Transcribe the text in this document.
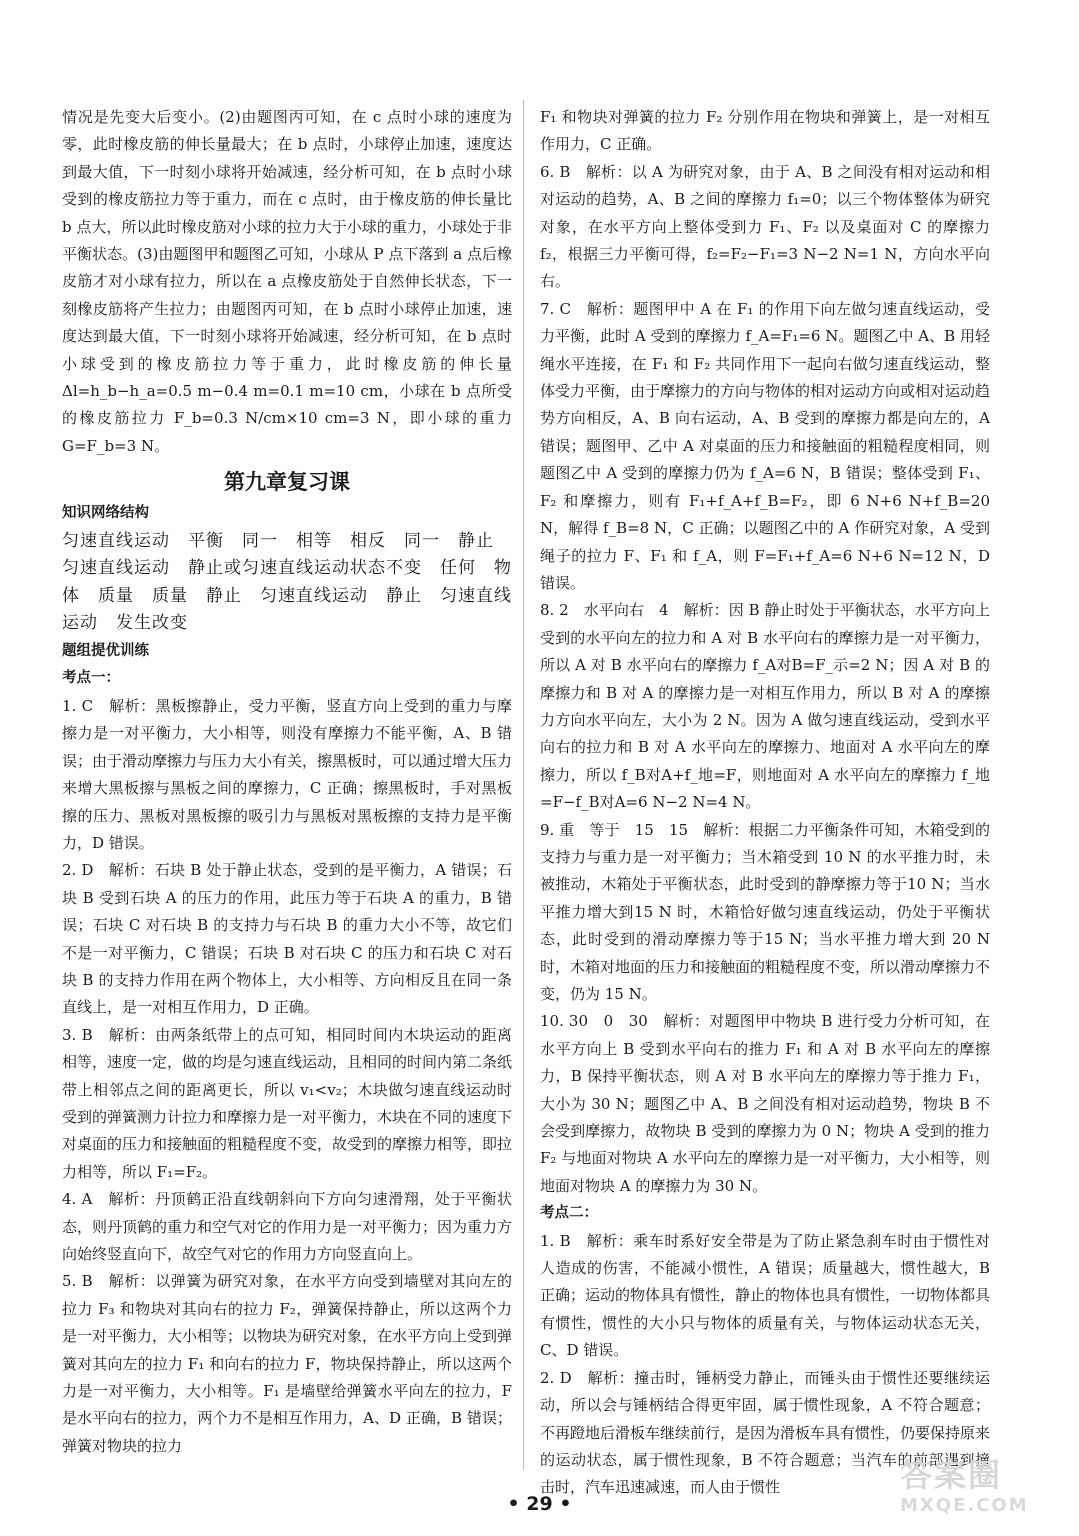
情况是先变大后变小。(2)由题图丙可知，在 c 点时小球的速度为零，此时橡皮筋的伸长量最大；在 b 点时，小球停止加速，速度达到最大值，下一时刻小球将开始减速，经分析可知，在 b 点时小球受到的橡皮筋拉力等于重力，而在 c 点时，由于橡皮筋的伸长量比 b 点大，所以此时橡皮筋对小球的拉力大于小球的重力，小球处于非平衡状态。(3)由题图甲和题图乙可知，小球从 P 点下落到 a 点后橡皮筋才对小球有拉力，所以在 a 点橡皮筋处于自然伸长状态，下一刻橡皮筋将产生拉力；由题图丙可知，在 b 点时小球停止加速，速度达到最大值，下一时刻小球将开始减速，经分析可知，在 b 点时小球受到的橡皮筋拉力等于重力，此时橡皮筋的伸长量 Δl=h_b−h_a=0.5 m−0.4 m=0.1 m=10 cm，小球在 b 点所受的橡皮筋拉力 F_b=0.3 N/cm×10 cm=3 N，即小球的重力 G=F_b=3 N。

第九章复习课

知识网络结构

匀速直线运动　平衡　同一　相等　相反　同一　静止　匀速直线运动　静止或匀速直线运动状态不变　任何　物体　质量　质量　静止　匀速直线运动　静止　匀速直线运动　发生改变

题组提优训练

考点一：

1. C　解析：黑板擦静止，受力平衡，竖直方向上受到的重力与摩擦力是一对平衡力，大小相等，则没有摩擦力不能平衡，A、B 错误；由于滑动摩擦力与压力大小有关，擦黑板时，可以通过增大压力来增大黑板擦与黑板之间的摩擦力，C 正确；擦黑板时，手对黑板擦的压力、黑板对黑板擦的吸引力与黑板对黑板擦的支持力是平衡力，D 错误。

2. D　解析：石块 B 处于静止状态，受到的是平衡力，A 错误；石块 B 受到石块 A 的压力的作用，此压力等于石块 A 的重力，B 错误；石块 C 对石块 B 的支持力与石块 B 的重力大小不等，故它们不是一对平衡力，C 错误；石块 B 对石块 C 的压力和石块 C 对石块 B 的支持力作用在两个物体上，大小相等、方向相反且在同一条直线上，是一对相互作用力，D 正确。

3. B　解析：由两条纸带上的点可知，相同时间内木块运动的距离相等，速度一定，做的均是匀速直线运动，且相同的时间内第二条纸带上相邻点之间的距离更长，所以 v₁<v₂；木块做匀速直线运动时受到的弹簧测力计拉力和摩擦力是一对平衡力，木块在不同的速度下对桌面的压力和接触面的粗糙程度不变，故受到的摩擦力相等，即拉力相等，所以 F₁=F₂。

4. A　解析：丹顶鹤正沿直线朝斜向下方向匀速滑翔，处于平衡状态，则丹顶鹤的重力和空气对它的作用力是一对平衡力；因为重力方向始终竖直向下，故空气对它的作用力方向竖直向上。

5. B　解析：以弹簧为研究对象，在水平方向受到墙壁对其向左的拉力 F₃ 和物块对其向右的拉力 F₂，弹簧保持静止，所以这两个力是一对平衡力，大小相等；以物块为研究对象，在水平方向上受到弹簧对其向左的拉力 F₁ 和向右的拉力 F，物块保持静止，所以这两个力是一对平衡力，大小相等。F₁ 是墙壁给弹簧水平向左的拉力，F 是水平向右的拉力，两个力不是相互作用力，A、D 正确，B 错误；弹簧对物块的拉力

F₁ 和物块对弹簧的拉力 F₂ 分别作用在物块和弹簧上，是一对相互作用力，C 正确。

6. B　解析：以 A 为研究对象，由于 A、B 之间没有相对运动和相对运动的趋势，A、B 之间的摩擦力 f₁=0；以三个物体整体为研究对象，在水平方向上整体受到力 F₁、F₂ 以及桌面对 C 的摩擦力 f₂，根据三力平衡可得，f₂=F₂−F₁=3 N−2 N=1 N，方向水平向右。

7. C　解析：题图甲中 A 在 F₁ 的作用下向左做匀速直线运动，受力平衡，此时 A 受到的摩擦力 f_A=F₁=6 N。题图乙中 A、B 用轻绳水平连接，在 F₁ 和 F₂ 共同作用下一起向右做匀速直线运动，整体受力平衡，由于摩擦力的方向与物体的相对运动方向或相对运动趋势方向相反，A、B 向右运动，A、B 受到的摩擦力都是向左的，A 错误；题图甲、乙中 A 对桌面的压力和接触面的粗糙程度相同，则题图乙中 A 受到的摩擦力仍为 f_A=6 N，B 错误；整体受到 F₁、F₂ 和摩擦力，则有 F₁+f_A+f_B=F₂，即 6 N+6 N+f_B=20 N，解得 f_B=8 N，C 正确；以题图乙中的 A 作研究对象，A 受到绳子的拉力 F、F₁ 和 f_A，则 F=F₁+f_A=6 N+6 N=12 N，D 错误。

8. 2　水平向右　4　解析：因 B 静止时处于平衡状态，水平方向上受到的水平向左的拉力和 A 对 B 水平向右的摩擦力是一对平衡力，所以 A 对 B 水平向右的摩擦力 f_A对B=F_示=2 N；因 A 对 B 的摩擦力和 B 对 A 的摩擦力是一对相互作用力，所以 B 对 A 的摩擦力方向水平向左，大小为 2 N。因为 A 做匀速直线运动，受到水平向右的拉力和 B 对 A 水平向左的摩擦力、地面对 A 水平向左的摩擦力，所以 f_B对A+f_地=F，则地面对 A 水平向左的摩擦力 f_地=F−f_B对A=6 N−2 N=4 N。

9. 重　等于　15　15　解析：根据二力平衡条件可知，木箱受到的支持力与重力是一对平衡力；当木箱受到 10 N 的水平推力时，未被推动，木箱处于平衡状态，此时受到的静摩擦力等于10 N；当水平推力增大到15 N 时，木箱恰好做匀速直线运动，仍处于平衡状态，此时受到的滑动摩擦力等于15 N；当水平推力增大到 20 N 时，木箱对地面的压力和接触面的粗糙程度不变，所以滑动摩擦力不变，仍为 15 N。

10. 30　0　30　解析：对题图甲中物块 B 进行受力分析可知，在水平方向上 B 受到水平向右的推力 F₁ 和 A 对 B 水平向左的摩擦力，B 保持平衡状态，则 A 对 B 水平向左的摩擦力等于推力 F₁，大小为 30 N；题图乙中 A、B 之间没有相对运动趋势，物块 B 不会受到摩擦力，故物块 B 受到的摩擦力为 0 N；物块 A 受到的推力 F₂ 与地面对物块 A 水平向左的摩擦力是一对平衡力，大小相等，则地面对物块 A 的摩擦力为 30 N。

考点二：

1. B　解析：乘车时系好安全带是为了防止紧急刹车时由于惯性对人造成的伤害，不能减小惯性，A 错误；质量越大，惯性越大，B 正确；运动的物体具有惯性，静止的物体也具有惯性，一切物体都具有惯性，惯性的大小只与物体的质量有关，与物体运动状态无关，C、D 错误。

2. D　解析：撞击时，锤柄受力静止，而锤头由于惯性还要继续运动，所以会与锤柄结合得更牢固，属于惯性现象，A 不符合题意；不再蹬地后滑板车继续前行，是因为滑板车具有惯性，仍要保持原来的运动状态，属于惯性现象，B 不符合题意；当汽车的前部遇到撞击时，汽车迅速减速，而人由于惯性

• 29 •
答案圈
MXQE.COM
